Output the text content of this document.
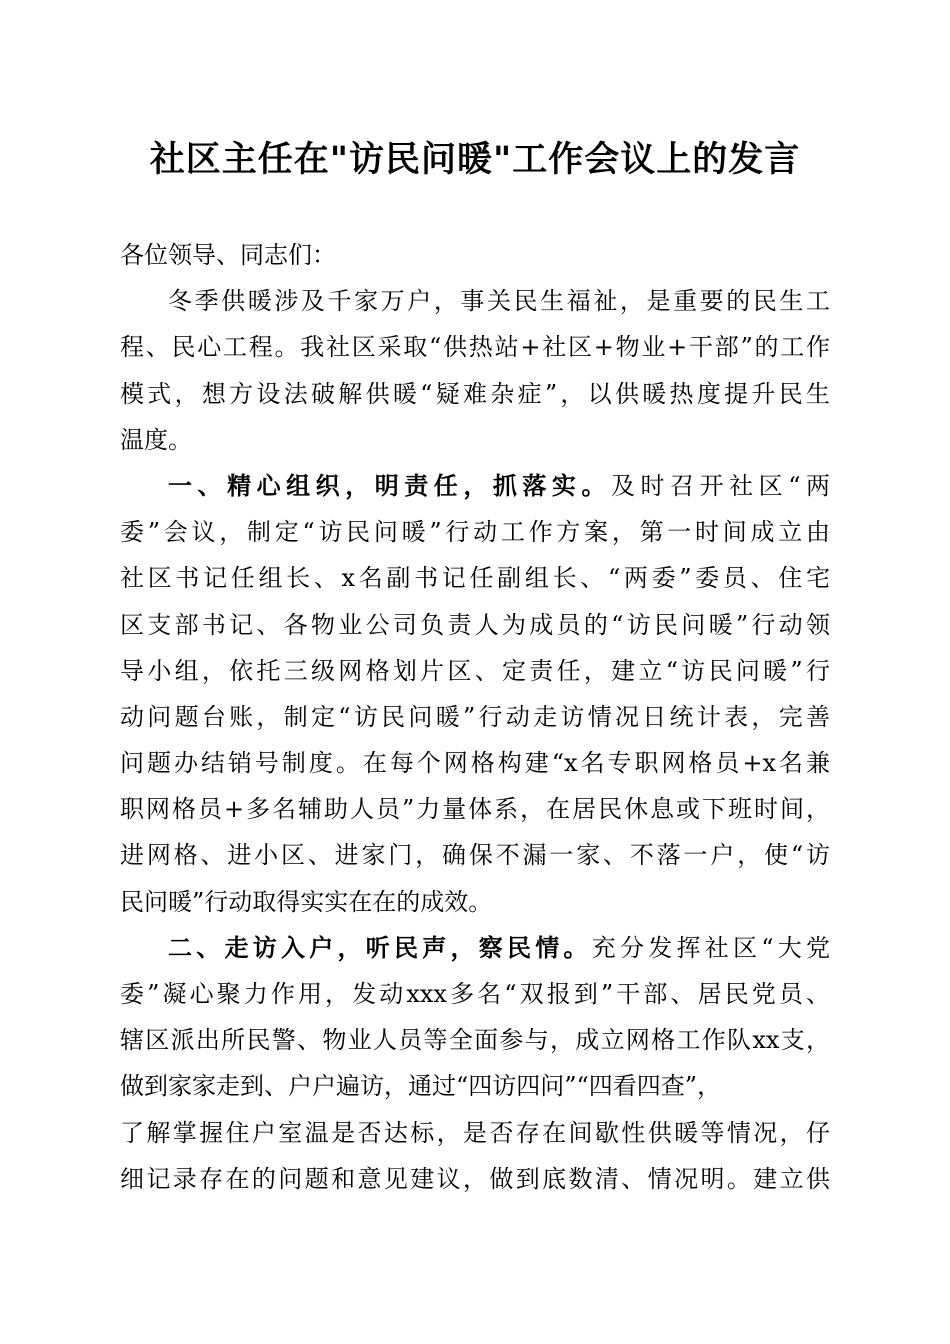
社区主任在"访民问暖"工作会议上的发言
各位领导、同志们：
冬季供暖涉及千家万户，事关民生福祉，是重要的民生工
程、民心工程。我社区采取“供热站+社区+物业+干部”的工作
模式，想方设法破解供暖“疑难杂症”，以供暖热度提升民生
温度。
一、精心组织，明责任，抓落实。及时召开社区“两
委”会议，制定“访民问暖”行动工作方案，第一时间成立由
社区书记任组长、x名副书记任副组长、“两委”委员、住宅
区支部书记、各物业公司负责人为成员的“访民问暖”行动领
导小组，依托三级网格划片区、定责任，建立“访民问暖”行
动问题台账，制定“访民问暖”行动走访情况日统计表，完善
问题办结销号制度。在每个网格构建“x名专职网格员+x名兼
职网格员+多名辅助人员”力量体系，在居民休息或下班时间，
进网格、进小区、进家门，确保不漏一家、不落一户，使“访
民问暖”行动取得实实在在的成效。
二、走访入户，听民声，察民情。充分发挥社区“大党
委”凝心聚力作用，发动xxx多名“双报到”干部、居民党员、
辖区派出所民警、物业人员等全面参与，成立网格工作队xx支，
做到家家走到、户户遍访，通过“四访四问”“四看四查”，
了解掌握住户室温是否达标，是否存在间歇性供暖等情况，仔
细记录存在的问题和意见建议，做到底数清、情况明。建立供
